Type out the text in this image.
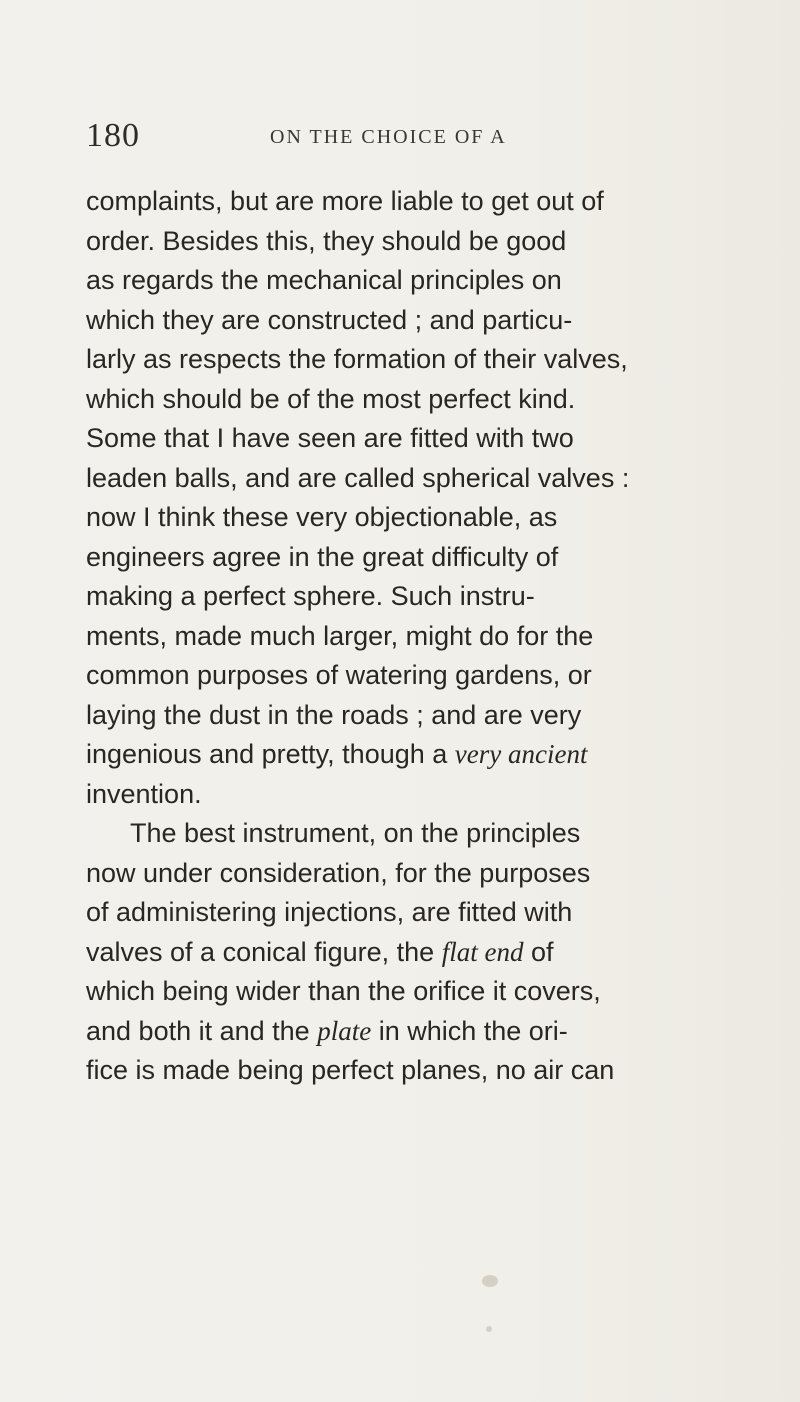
180	ON THE CHOICE OF A
complaints, but are more liable to get out of
order. Besides this, they should be good
as regards the mechanical principles on
which they are constructed ; and particu-
larly as respects the formation of their valves,
which should be of the most perfect kind.
Some that I have seen are fitted with two
leaden balls, and are called spherical valves :
now I think these very objectionable, as
engineers agree in the great difficulty of
making a perfect sphere. Such instru-
ments, made much larger, might do for the
common purposes of watering gardens, or
laying the dust in the roads ; and are very
ingenious and pretty, though a very ancient
invention.
The best instrument, on the principles
now under consideration, for the purposes
of administering injections, are fitted with
valves of a conical figure, the flat end of
which being wider than the orifice it covers,
and both it and the plate in which the ori-
fice is made being perfect planes, no air can
